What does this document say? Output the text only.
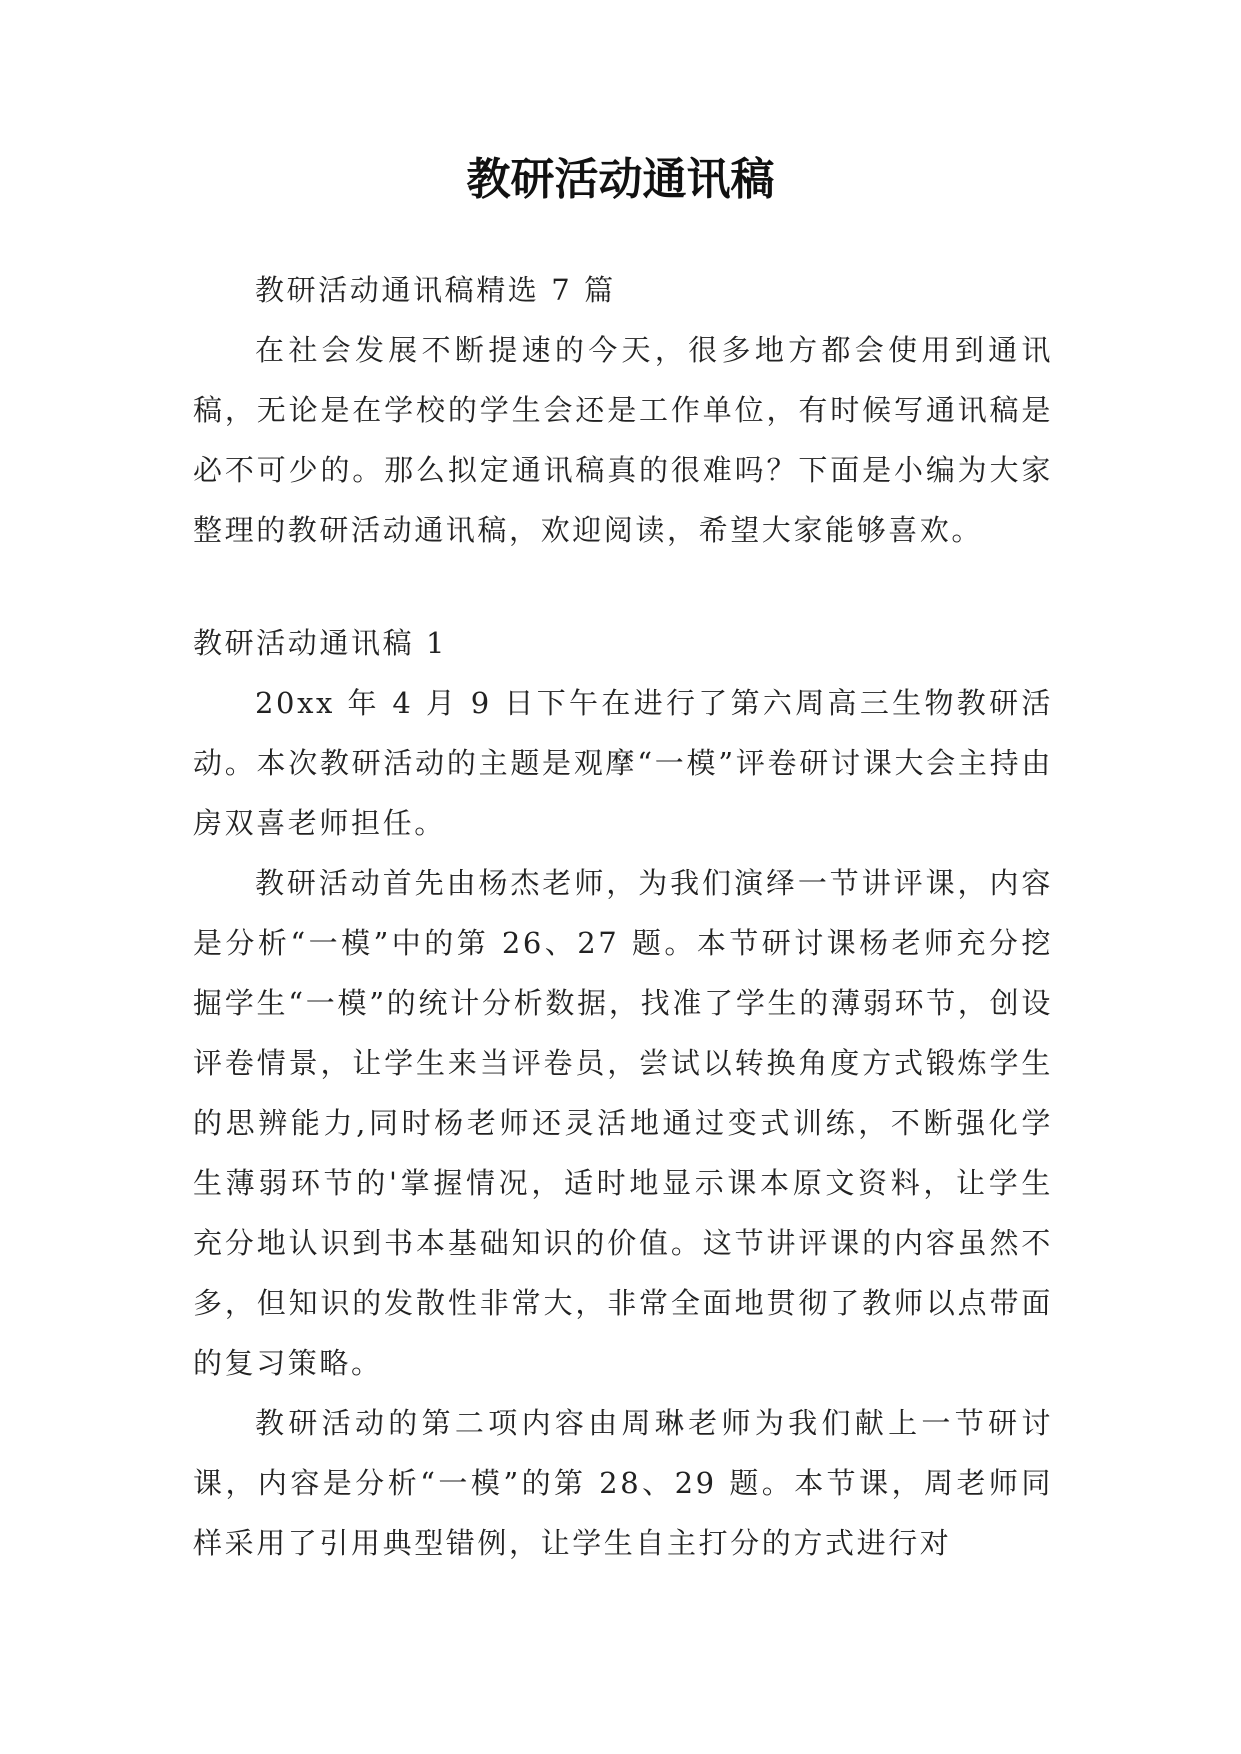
教研活动通讯稿

教研活动通讯稿精选 7 篇

在社会发展不断提速的今天，很多地方都会使用到通讯稿，无论是在学校的学生会还是工作单位，有时候写通讯稿是必不可少的。那么拟定通讯稿真的很难吗？下面是小编为大家整理的教研活动通讯稿，欢迎阅读，希望大家能够喜欢。

教研活动通讯稿 1

20xx 年 4 月 9 日下午在进行了第六周高三生物教研活动。本次教研活动的主题是观摩“一模”评卷研讨课大会主持由房双喜老师担任。

教研活动首先由杨杰老师，为我们演绎一节讲评课，内容是分析“一模”中的第 26、27 题。本节研讨课杨老师充分挖掘学生“一模”的统计分析数据，找准了学生的薄弱环节，创设评卷情景，让学生来当评卷员，尝试以转换角度方式锻炼学生的思辨能力,同时杨老师还灵活地通过变式训练，不断强化学生薄弱环节的'掌握情况，适时地显示课本原文资料，让学生充分地认识到书本基础知识的价值。这节讲评课的内容虽然不多，但知识的发散性非常大，非常全面地贯彻了教师以点带面的复习策略。

教研活动的第二项内容由周琳老师为我们献上一节研讨课，内容是分析“一模”的第 28、29 题。本节课，周老师同样采用了引用典型错例，让学生自主打分的方式进行对
